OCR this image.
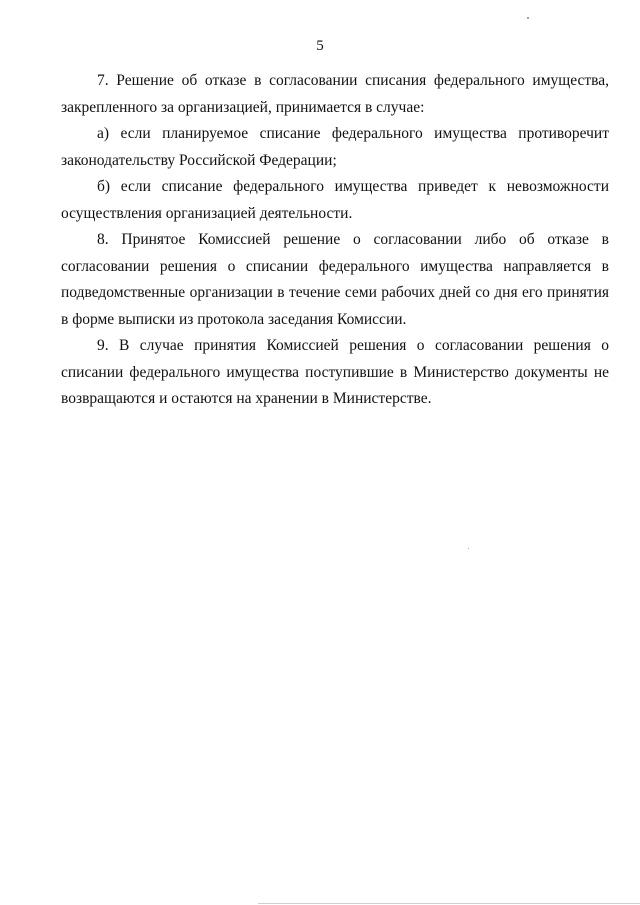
5

7. Решение об отказе в согласовании списания федерального имущества, закрепленного за организацией, принимается в случае:

а) если планируемое списание федерального имущества противоречит законодательству Российской Федерации;

б) если списание федерального имущества приведет к невозможности осуществления организацией деятельности.

8. Принятое Комиссией решение о согласовании либо об отказе в согласовании решения о списании федерального имущества направляется в подведомственные организации в течение семи рабочих дней со дня его принятия в форме выписки из протокола заседания Комиссии.

9. В случае принятия Комиссией решения о согласовании решения о списании федерального имущества поступившие в Министерство документы не возвращаются и остаются на хранении в Министерстве.
